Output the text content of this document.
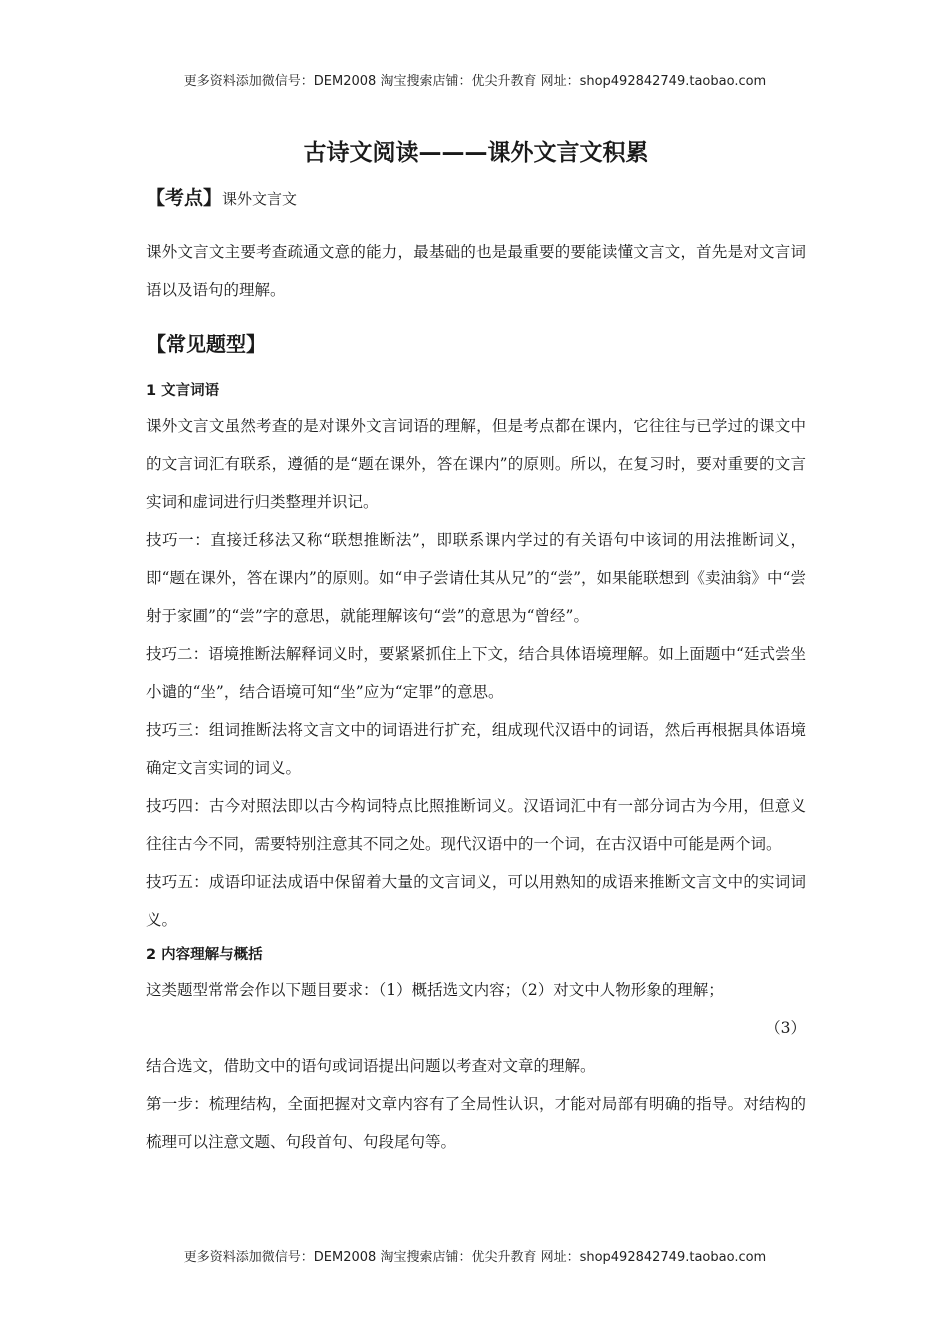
更多资料添加微信号：DEM2008 淘宝搜索店铺：优尖升教育 网址：shop492842749.taobao.com
古诗文阅读———课外文言文积累
【考点】课外文言文

课外文言文主要考查疏通文意的能力，最基础的也是最重要的要能读懂文言文，首先是对文言词语以及语句的理解。

【常见题型】
1 文言词语

课外文言文虽然考查的是对课外文言词语的理解，但是考点都在课内，它往往与已学过的课文中的文言词汇有联系，遵循的是“题在课外，答在课内”的原则。所以，在复习时，要对重要的文言实词和虚词进行归类整理并识记。

技巧一：直接迁移法又称“联想推断法”，即联系课内学过的有关语句中该词的用法推断词义，即“题在课外，答在课内”的原则。如“申子尝请仕其从兄”的“尝”，如果能联想到《卖油翁》中“尝射于家圃”的“尝”字的意思，就能理解该句“尝”的意思为“曾经”。

技巧二：语境推断法解释词义时，要紧紧抓住上下文，结合具体语境理解。如上面题中“廷式尝坐小谴的“坐”，结合语境可知“坐”应为“定罪”的意思。

技巧三：组词推断法将文言文中的词语进行扩充，组成现代汉语中的词语，然后再根据具体语境确定文言实词的词义。

技巧四：古今对照法即以古今构词特点比照推断词义。汉语词汇中有一部分词古为今用，但意义往往古今不同，需要特别注意其不同之处。现代汉语中的一个词，在古汉语中可能是两个词。

技巧五：成语印证法成语中保留着大量的文言词义，可以用熟知的成语来推断文言文中的实词词义。

2 内容理解与概括

这类题型常常会作以下题目要求：（1）概括选文内容；（2）对文中人物形象的理解；

（3）

结合选文，借助文中的语句或词语提出问题以考查对文章的理解。

第一步：梳理结构，全面把握对文章内容有了全局性认识，才能对局部有明确的指导。对结构的梳理可以注意文题、句段首句、句段尾句等。

更多资料添加微信号：DEM2008 淘宝搜索店铺：优尖升教育 网址：shop492842749.taobao.com
